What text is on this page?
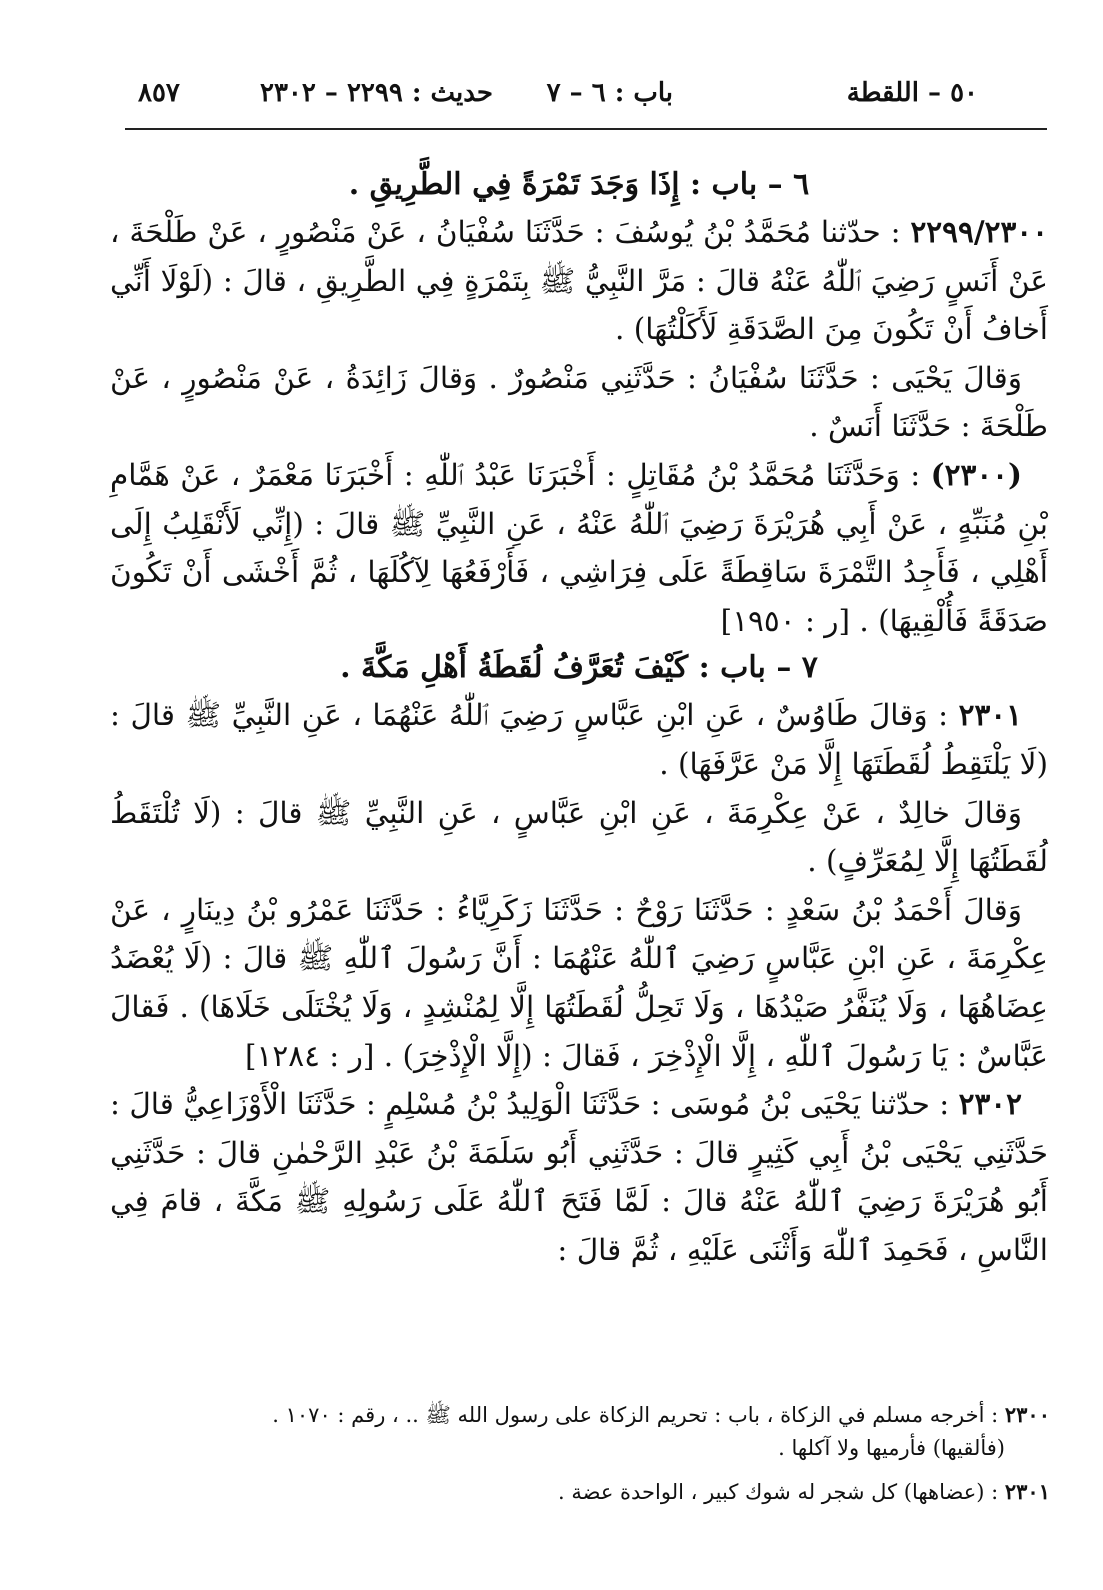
٥٠ – اللقطة
باب : ٦ – ٧
حديث : ٢٢٩٩ – ٢٣٠٢
٨٥٧

٦ – باب : إِذَا وَجَدَ تَمْرَةً فِي الطَّرِيقِ .

٢٢٩٩/٢٣٠٠ : حدّثنا مُحَمَّدُ بْنُ يُوسُفَ : حَدَّثَنَا سُفْيَانُ ، عَنْ مَنْصُورٍ ، عَنْ طَلْحَةَ ، عَنْ أَنَسٍ رَضِيَ ٱللّٰهُ عَنْهُ قالَ : مَرَّ النَّبِيُّ ﷺ بِتَمْرَةٍ فِي الطَّرِيقِ ، قالَ : (لَوْلَا أَنِّي أَخافُ أَنْ تَكُونَ مِنَ الصَّدَقَةِ لَأَكَلْتُهَا) .

وَقالَ يَحْيَى : حَدَّثَنَا سُفْيَانُ : حَدَّثَنِي مَنْصُورٌ . وَقالَ زَائِدَةُ ، عَنْ مَنْصُورٍ ، عَنْ طَلْحَةَ : حَدَّثَنَا أَنَسٌ .

(٢٣٠٠) : وَحَدَّثَنَا مُحَمَّدُ بْنُ مُقَاتِلٍ : أَخْبَرَنَا عَبْدُ ٱللّٰهِ : أَخْبَرَنَا مَعْمَرٌ ، عَنْ هَمَّامِ بْنِ مُنَبِّهٍ ، عَنْ أَبِي هُرَيْرَةَ رَضِيَ ٱللّٰهُ عَنْهُ ، عَنِ النَّبِيِّ ﷺ قالَ : (إِنِّي لَأَنْقَلِبُ إِلَى أَهْلِي ، فَأَجِدُ التَّمْرَةَ سَاقِطَةً عَلَى فِرَاشِي ، فَأَرْفَعُهَا لِآكُلَهَا ، ثُمَّ أَخْشَى أَنْ تَكُونَ صَدَقَةً فَأُلْقِيهَا) . [ر : ١٩٥٠]

٧ – باب : كَيْفَ تُعَرَّفُ لُقَطَةُ أَهْلِ مَكَّةَ .

٢٣٠١ : وَقالَ طَاوُسٌ ، عَنِ ابْنِ عَبَّاسٍ رَضِيَ ٱللّٰهُ عَنْهُمَا ، عَنِ النَّبِيِّ ﷺ قالَ : (لَا يَلْتَقِطُ لُقَطَتَهَا إِلَّا مَنْ عَرَّفَهَا) .

وَقالَ خالِدٌ ، عَنْ عِكْرِمَةَ ، عَنِ ابْنِ عَبَّاسٍ ، عَنِ النَّبِيِّ ﷺ قالَ : (لَا تُلْتَقَطُ لُقَطَتُهَا إِلَّا لِمُعَرِّفٍ) .

وَقالَ أَحْمَدُ بْنُ سَعْدٍ : حَدَّثَنَا رَوْحٌ : حَدَّثَنَا زَكَرِيَّاءُ : حَدَّثَنَا عَمْرُو بْنُ دِينَارٍ ، عَنْ عِكْرِمَةَ ، عَنِ ابْنِ عَبَّاسٍ رَضِيَ ٱللّٰهُ عَنْهُمَا : أَنَّ رَسُولَ ٱللّٰهِ ﷺ قالَ : (لَا يُعْضَدُ عِضَاهُهَا ، وَلَا يُنَفَّرُ صَيْدُهَا ، وَلَا تَحِلُّ لُقَطَتُهَا إِلَّا لِمُنْشِدٍ ، وَلَا يُخْتَلَى خَلَاهَا) . فَقالَ عَبَّاسٌ : يَا رَسُولَ ٱللّٰهِ ، إِلَّا الْإِذْخِرَ ، فَقالَ : (إِلَّا الْإِذْخِرَ) . [ر : ١٢٨٤]

٢٣٠٢ : حدّثنا يَحْيَى بْنُ مُوسَى : حَدَّثَنَا الْوَلِيدُ بْنُ مُسْلِمٍ : حَدَّثَنَا الْأَوْزَاعِيُّ قالَ : حَدَّثَنِي يَحْيَى بْنُ أَبِي كَثِيرٍ قالَ : حَدَّثَنِي أَبُو سَلَمَةَ بْنُ عَبْدِ الرَّحْمٰنِ قالَ : حَدَّثَنِي أَبُو هُرَيْرَةَ رَضِيَ ٱللّٰهُ عَنْهُ قالَ : لَمَّا فَتَحَ ٱللّٰهُ عَلَى رَسُولِهِ ﷺ مَكَّةَ ، قامَ فِي النَّاسِ ، فَحَمِدَ ٱللّٰهَ وَأَثْنَى عَلَيْهِ ، ثُمَّ قالَ :

٢٣٠٠ : أخرجه مسلم في الزكاة ، باب : تحريم الزكاة على رسول الله ﷺ .. ، رقم : ١٠٧٠ .

(فألقيها) فأرميها ولا آكلها .

٢٣٠١ : (عضاهها) كل شجر له شوك كبير ، الواحدة عضة .
